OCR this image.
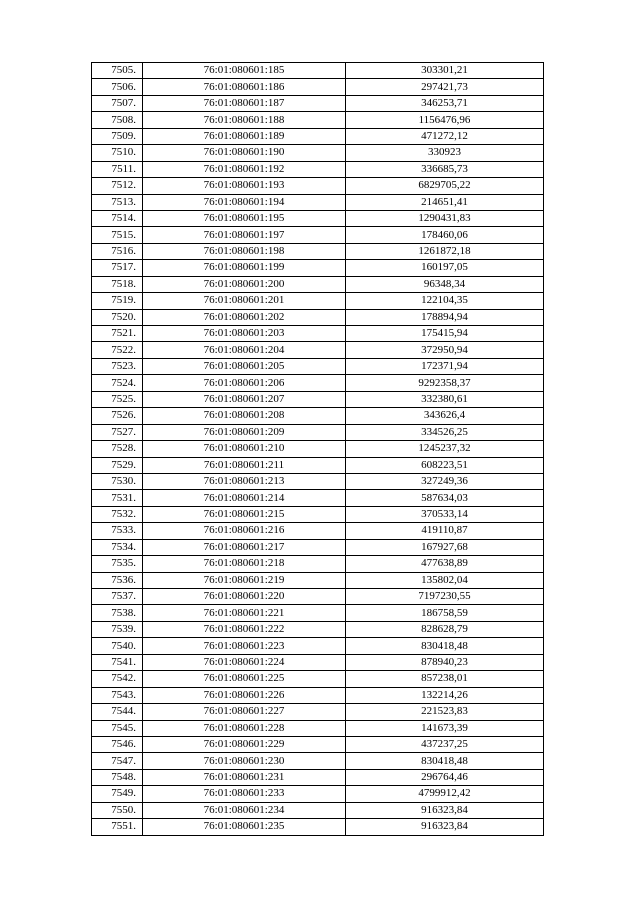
7505.	76:01:080601:185	303301,21
7506.	76:01:080601:186	297421,73
7507.	76:01:080601:187	346253,71
7508.	76:01:080601:188	1156476,96
7509.	76:01:080601:189	471272,12
7510.	76:01:080601:190	330923
7511.	76:01:080601:192	336685,73
7512.	76:01:080601:193	6829705,22
7513.	76:01:080601:194	214651,41
7514.	76:01:080601:195	1290431,83
7515.	76:01:080601:197	178460,06
7516.	76:01:080601:198	1261872,18
7517.	76:01:080601:199	160197,05
7518.	76:01:080601:200	96348,34
7519.	76:01:080601:201	122104,35
7520.	76:01:080601:202	178894,94
7521.	76:01:080601:203	175415,94
7522.	76:01:080601:204	372950,94
7523.	76:01:080601:205	172371,94
7524.	76:01:080601:206	9292358,37
7525.	76:01:080601:207	332380,61
7526.	76:01:080601:208	343626,4
7527.	76:01:080601:209	334526,25
7528.	76:01:080601:210	1245237,32
7529.	76:01:080601:211	608223,51
7530.	76:01:080601:213	327249,36
7531.	76:01:080601:214	587634,03
7532.	76:01:080601:215	370533,14
7533.	76:01:080601:216	419110,87
7534.	76:01:080601:217	167927,68
7535.	76:01:080601:218	477638,89
7536.	76:01:080601:219	135802,04
7537.	76:01:080601:220	7197230,55
7538.	76:01:080601:221	186758,59
7539.	76:01:080601:222	828628,79
7540.	76:01:080601:223	830418,48
7541.	76:01:080601:224	878940,23
7542.	76:01:080601:225	857238,01
7543.	76:01:080601:226	132214,26
7544.	76:01:080601:227	221523,83
7545.	76:01:080601:228	141673,39
7546.	76:01:080601:229	437237,25
7547.	76:01:080601:230	830418,48
7548.	76:01:080601:231	296764,46
7549.	76:01:080601:233	4799912,42
7550.	76:01:080601:234	916323,84
7551.	76:01:080601:235	916323,84
